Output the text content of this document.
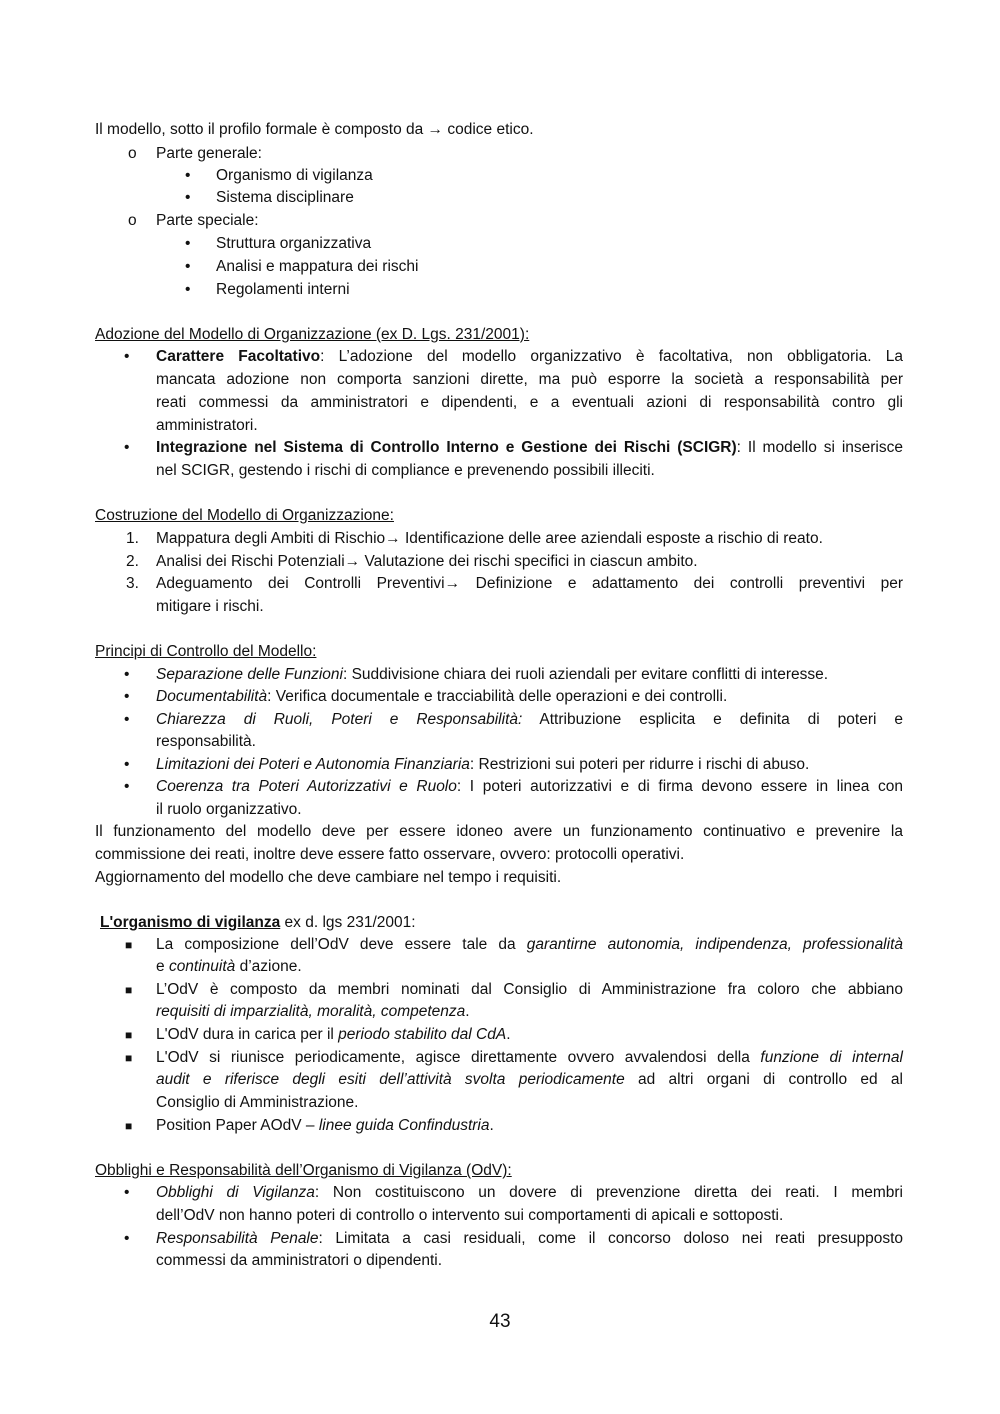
Il modello, sotto il profilo formale è composto da → codice etico.
o Parte generale:
• Organismo di vigilanza
• Sistema disciplinare
o Parte speciale:
• Struttura organizzativa
• Analisi e mappatura dei rischi
• Regolamenti interni
Adozione del Modello di Organizzazione (ex D. Lgs. 231/2001):
• Carattere Facoltativo: L’adozione del modello organizzativo è facoltativa, non obbligatoria. La
mancata adozione non comporta sanzioni dirette, ma può esporre la società a responsabilità per
reati commessi da amministratori e dipendenti, e a eventuali azioni di responsabilità contro gli
amministratori.
• Integrazione nel Sistema di Controllo Interno e Gestione dei Rischi (SCIGR): Il modello si inserisce
nel SCIGR, gestendo i rischi di compliance e prevenendo possibili illeciti.
Costruzione del Modello di Organizzazione:
1. Mappatura degli Ambiti di Rischio→ Identificazione delle aree aziendali esposte a rischio di reato.
2. Analisi dei Rischi Potenziali→ Valutazione dei rischi specifici in ciascun ambito.
3. Adeguamento dei Controlli Preventivi→ Definizione e adattamento dei controlli preventivi per
mitigare i rischi.
Principi di Controllo del Modello:
• Separazione delle Funzioni: Suddivisione chiara dei ruoli aziendali per evitare conflitti di interesse.
• Documentabilità: Verifica documentale e tracciabilità delle operazioni e dei controlli.
• Chiarezza di Ruoli, Poteri e Responsabilità: Attribuzione esplicita e definita di poteri e
responsabilità.
• Limitazioni dei Poteri e Autonomia Finanziaria: Restrizioni sui poteri per ridurre i rischi di abuso.
• Coerenza tra Poteri Autorizzativi e Ruolo: I poteri autorizzativi e di firma devono essere in linea con
il ruolo organizzativo.
Il funzionamento del modello deve per essere idoneo avere un funzionamento continuativo e prevenire la
commissione dei reati, inoltre deve essere fatto osservare, ovvero: protocolli operativi.
Aggiornamento del modello che deve cambiare nel tempo i requisiti.
L'organismo di vigilanza ex d. lgs 231/2001:
■ La composizione dell’OdV deve essere tale da garantirne autonomia, indipendenza, professionalità
e continuità d’azione.
■ L’OdV è composto da membri nominati dal Consiglio di Amministrazione fra coloro che abbiano
requisiti di imparzialità, moralità, competenza.
■ L'OdV dura in carica per il periodo stabilito dal CdA.
■ L'OdV si riunisce periodicamente, agisce direttamente ovvero avvalendosi della funzione di internal
audit e riferisce degli esiti dell’attività svolta periodicamente ad altri organi di controllo ed al
Consiglio di Amministrazione.
■ Position Paper AOdV – linee guida Confindustria.
Obblighi e Responsabilità dell’Organismo di Vigilanza (OdV):
• Obblighi di Vigilanza: Non costituiscono un dovere di prevenzione diretta dei reati. I membri
dell’OdV non hanno poteri di controllo o intervento sui comportamenti di apicali e sottoposti.
• Responsabilità Penale: Limitata a casi residuali, come il concorso doloso nei reati presupposto
commessi da amministratori o dipendenti.
43
